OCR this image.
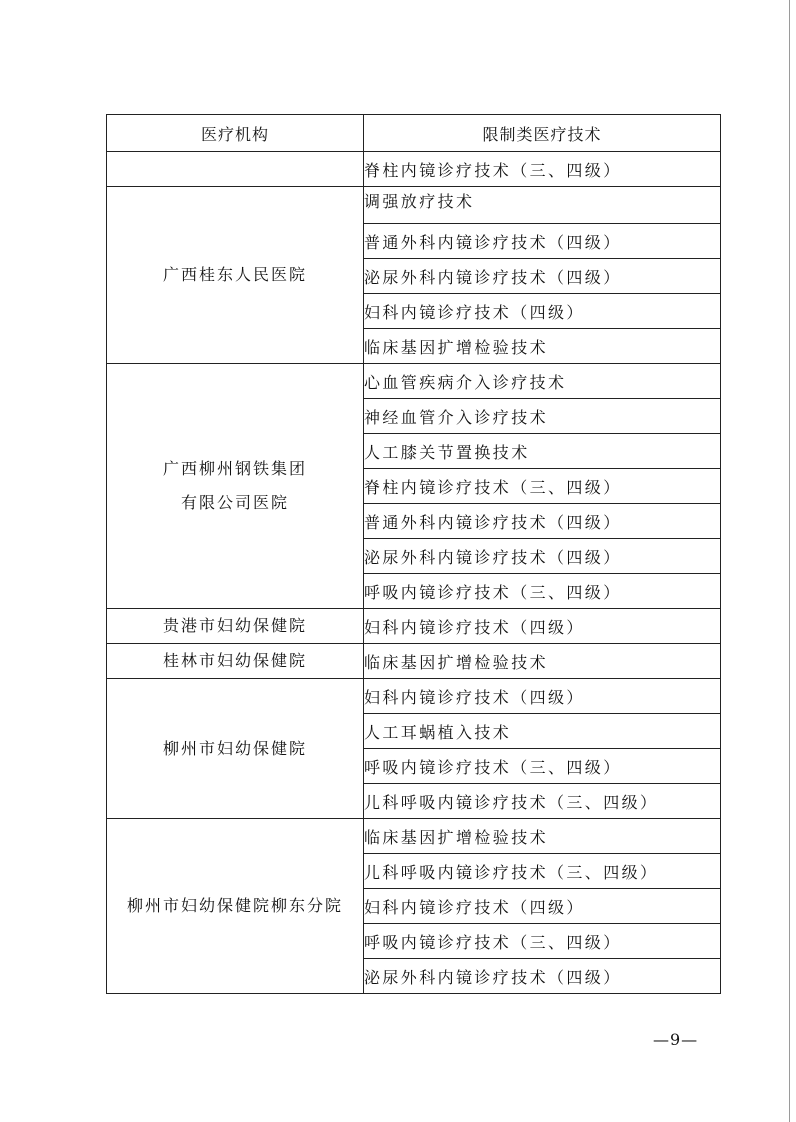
医疗机构	限制类医疗技术

	脊柱内镜诊疗技术（三、四级）

广西桂东人民医院	调强放疗技术
	普通外科内镜诊疗技术（四级）
	泌尿外科内镜诊疗技术（四级）
	妇科内镜诊疗技术（四级）
	临床基因扩增检验技术

广西柳州钢铁集团
有限公司医院	心血管疾病介入诊疗技术
	神经血管介入诊疗技术
	人工膝关节置换技术
	脊柱内镜诊疗技术（三、四级）
	普通外科内镜诊疗技术（四级）
	泌尿外科内镜诊疗技术（四级）
	呼吸内镜诊疗技术（三、四级）

贵港市妇幼保健院	妇科内镜诊疗技术（四级）

桂林市妇幼保健院	临床基因扩增检验技术

柳州市妇幼保健院	妇科内镜诊疗技术（四级）
	人工耳蜗植入技术
	呼吸内镜诊疗技术（三、四级）
	儿科呼吸内镜诊疗技术（三、四级）

柳州市妇幼保健院柳东分院	临床基因扩增检验技术
	儿科呼吸内镜诊疗技术（三、四级）
	妇科内镜诊疗技术（四级）
	呼吸内镜诊疗技术（三、四级）
	泌尿外科内镜诊疗技术（四级）
—9—
